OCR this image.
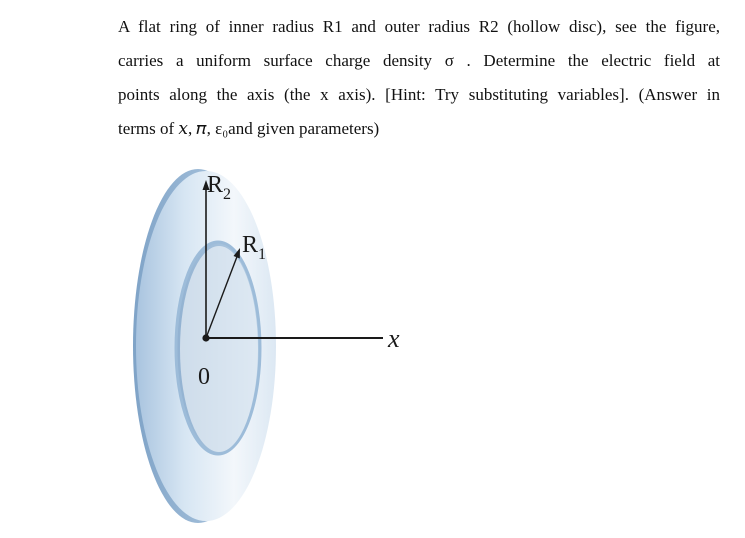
A flat ring of inner radius R1 and outer radius R2 (hollow disc), see the figure,
carries a uniform surface charge density σ . Determine the electric field at
points along the axis (the x axis). [Hint: Try substituting variables]. (Answer in
terms of 𝑥, 𝜋, ε₀and given parameters)
$R_2$
$R_1$
0
x
